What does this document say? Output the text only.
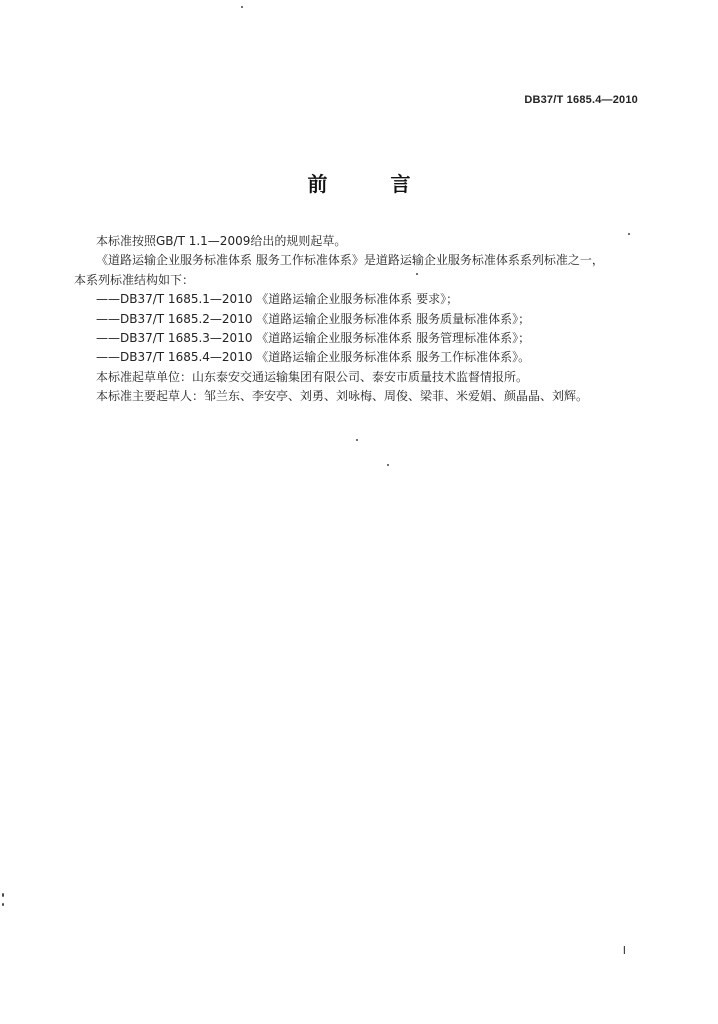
DB37/T 1685.4—2010
前 言
本标准按照GB/T 1.1—2009给出的规则起草。
《道路运输企业服务标准体系 服务工作标准体系》是道路运输企业服务标准体系系列标准之一，
本系列标准结构如下：
——DB37/T 1685.1—2010 《道路运输企业服务标准体系 要求》；
——DB37/T 1685.2—2010 《道路运输企业服务标准体系 服务质量标准体系》；
——DB37/T 1685.3—2010 《道路运输企业服务标准体系 服务管理标准体系》；
——DB37/T 1685.4—2010 《道路运输企业服务标准体系 服务工作标准体系》。
本标准起草单位：山东泰安交通运输集团有限公司、泰安市质量技术监督情报所。
本标准主要起草人：邹兰东、李安亭、刘勇、刘咏梅、周俊、梁菲、米爱娟、颜晶晶、刘辉。
I
